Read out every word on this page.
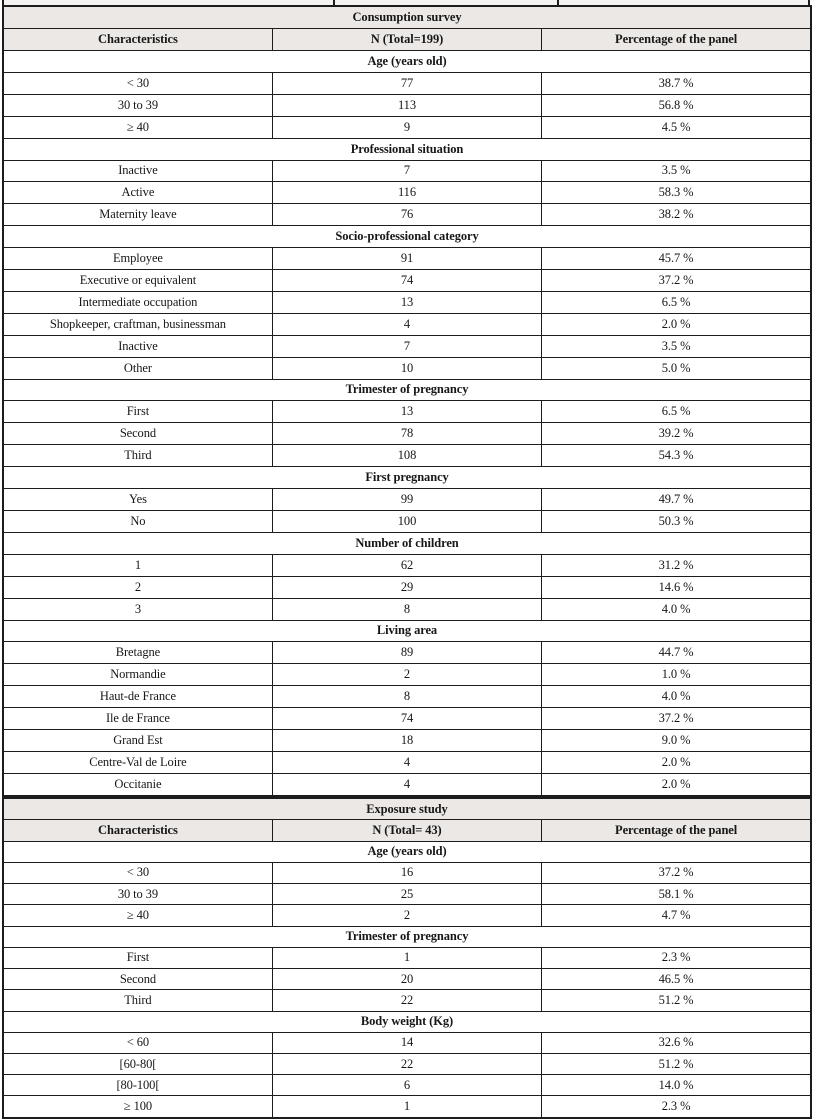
Consumption survey		
Characteristics	N (Total=199)	Percentage of the panel
Age (years old)		
< 30	77	38.7 %
30 to 39	113	56.8 %
≥ 40	9	4.5 %
Professional situation		
Inactive	7	3.5 %
Active	116	58.3 %
Maternity leave	76	38.2 %
Socio-professional category		
Employee	91	45.7 %
Executive or equivalent	74	37.2 %
Intermediate occupation	13	6.5 %
Shopkeeper, craftman, businessman	4	2.0 %
Inactive	7	3.5 %
Other	10	5.0 %
Trimester of pregnancy		
First	13	6.5 %
Second	78	39.2 %
Third	108	54.3 %
First pregnancy		
Yes	99	49.7 %
No	100	50.3 %
Number of children		
1	62	31.2 %
2	29	14.6 %
3	8	4.0 %
Living area		
Bretagne	89	44.7 %
Normandie	2	1.0 %
Haut-de France	8	4.0 %
Ile de France	74	37.2 %
Grand Est	18	9.0 %
Centre-Val de Loire	4	2.0 %
Occitanie	4	2.0 %
Exposure study		
Characteristics	N (Total= 43)	Percentage of the panel
Age (years old)		
< 30	16	37.2 %
30 to 39	25	58.1 %
≥ 40	2	4.7 %
Trimester of pregnancy		
First	1	2.3 %
Second	20	46.5 %
Third	22	51.2 %
Body weight (Kg)		
< 60	14	32.6 %
[60-80[	22	51.2 %
[80-100[	6	14.0 %
≥ 100	1	2.3 %
